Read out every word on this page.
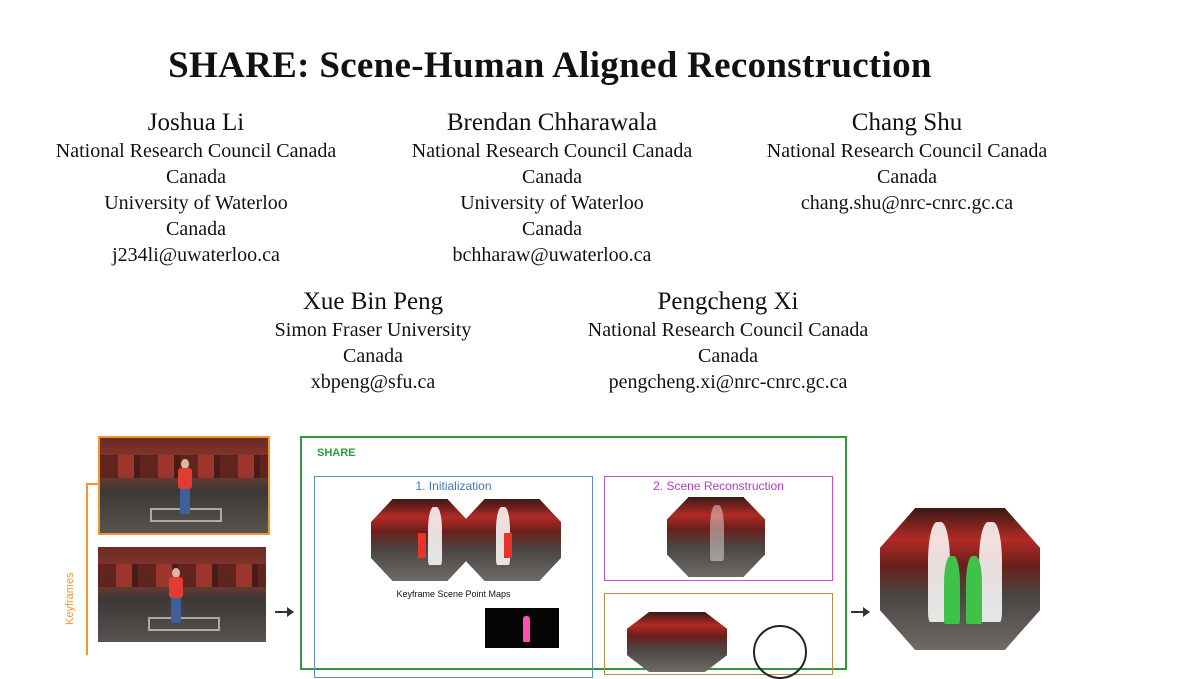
SHARE: Scene-Human Aligned Reconstruction
Joshua Li
National Research Council Canada
Canada
University of Waterloo
Canada
j234li@uwaterloo.ca
Brendan Chharawala
National Research Council Canada
Canada
University of Waterloo
Canada
bchharaw@uwaterloo.ca
Chang Shu
National Research Council Canada
Canada
chang.shu@nrc-cnrc.gc.ca
Xue Bin Peng
Simon Fraser University
Canada
xbpeng@sfu.ca
Pengcheng Xi
National Research Council Canada
Canada
pengcheng.xi@nrc-cnrc.gc.ca
Keyframes
SHARE
1. Initialization
Keyframe Scene Point Maps
2. Scene Reconstruction
